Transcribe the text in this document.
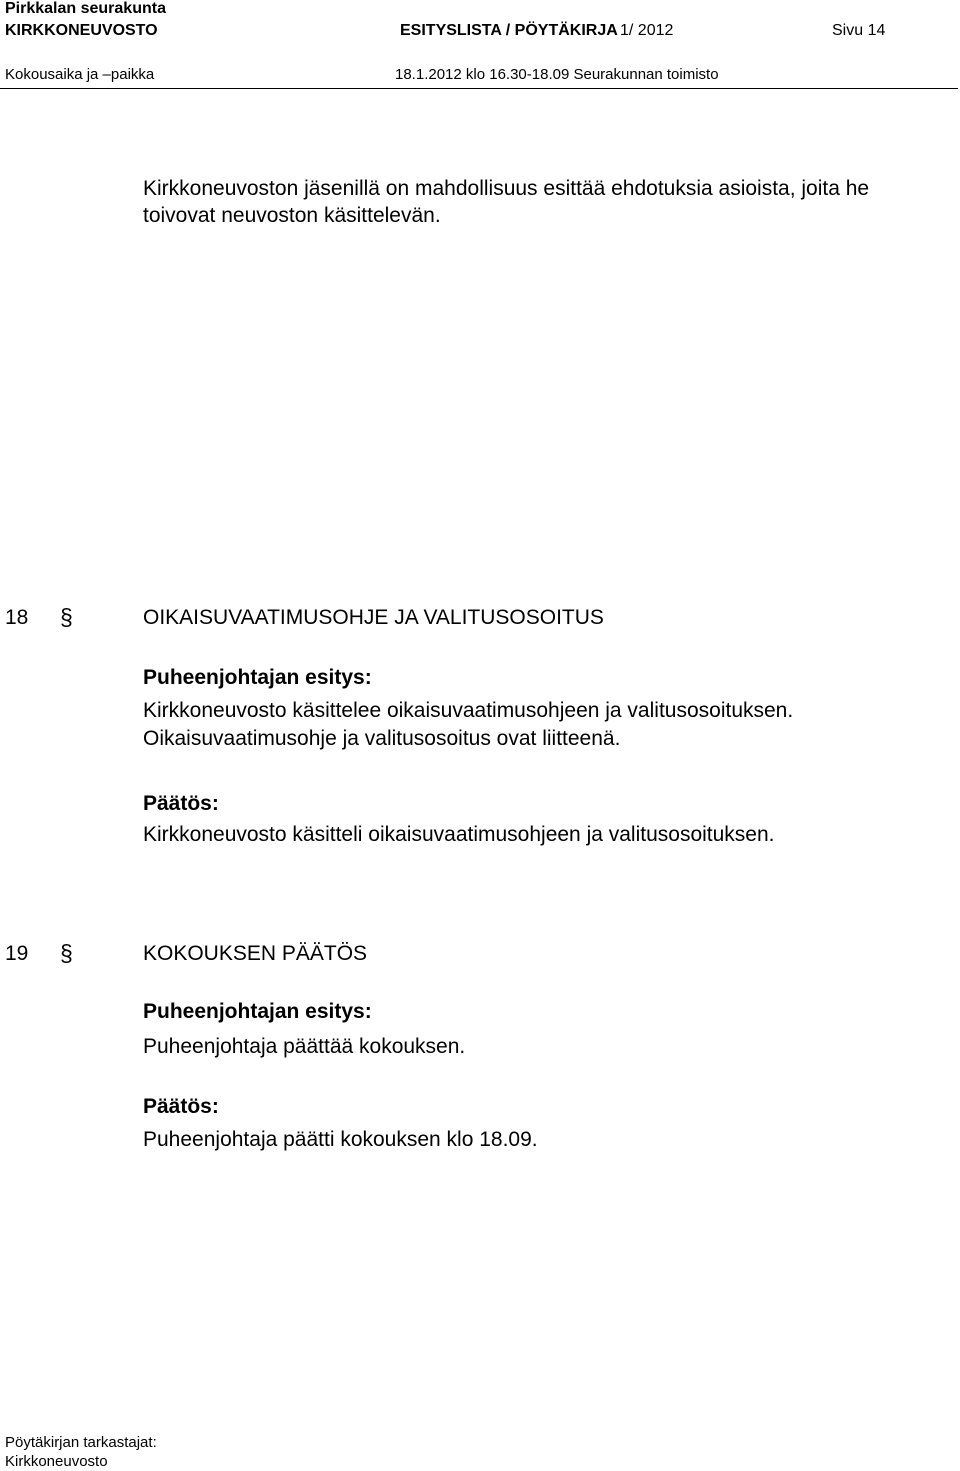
Pirkkalan seurakunta
KIRKKONEUVOSTO	ESITYSLISTA / PÖYTÄKIRJA 1/ 2012	Sivu 14
Kokousaika ja –paikka	18.1.2012 klo 16.30-18.09 Seurakunnan toimisto
Kirkkoneuvoston jäsenillä on mahdollisuus esittää ehdotuksia asioista, joita he
toivovat neuvoston käsittelevän.
18 §	OIKAISUVAATIMUSOHJE JA VALITUSOSOITUS
Puheenjohtajan esitys:
Kirkkoneuvosto käsittelee oikaisuvaatimusohjeen ja valitusosoituksen.
Oikaisuvaatimusohje ja valitusosoitus ovat liitteenä.
Päätös:
Kirkkoneuvosto käsitteli oikaisuvaatimusohjeen ja valitusosoituksen.
19 §	KOKOUKSEN PÄÄTÖS
Puheenjohtajan esitys:
Puheenjohtaja päättää kokouksen.
Päätös:
Puheenjohtaja päätti kokouksen klo 18.09.
Pöytäkirjan tarkastajat:
Kirkkoneuvosto
